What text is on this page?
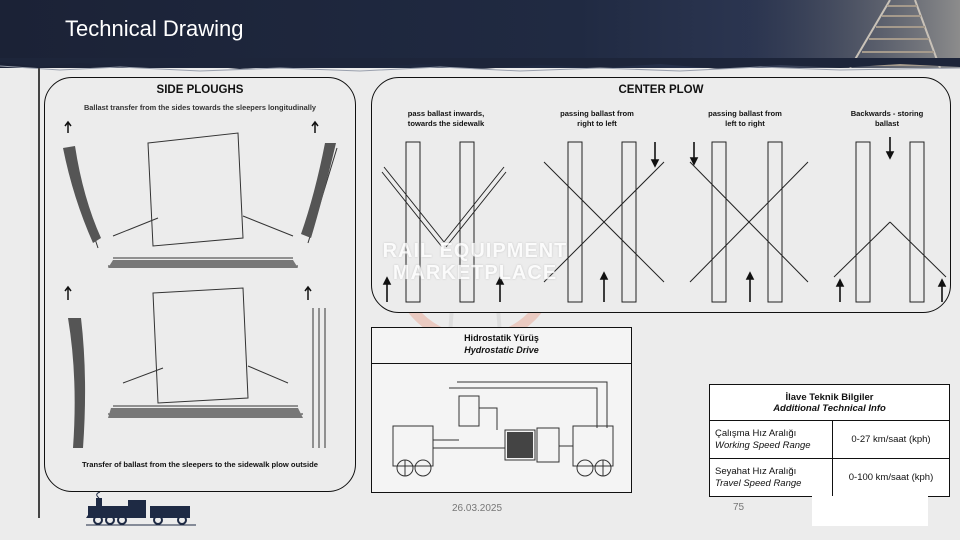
Technical Drawing
SIDE PLOUGHS
Ballast transfer from the sides towards the sleepers longitudinally
Transfer of ballast from the sleepers to the sidewalk plow outside
CENTER PLOW
pass ballast inwards,
towards the sidewalk
passing ballast from
right to left
passing ballast from
left to right
Backwards - storing
ballast
RAIL EQUIPMENT
MARKETPLACE
Hidrostatik Yürüş
Hydrostatic Drive
İlave Teknik Bilgiler
Additional Technical Info	

Çalışma Hız Aralığı
Working Speed Range	0-27 km/saat (kph)

Seyahat Hız Aralığı
Travel Speed Range	0-100 km/saat (kph)
26.03.2025	75
